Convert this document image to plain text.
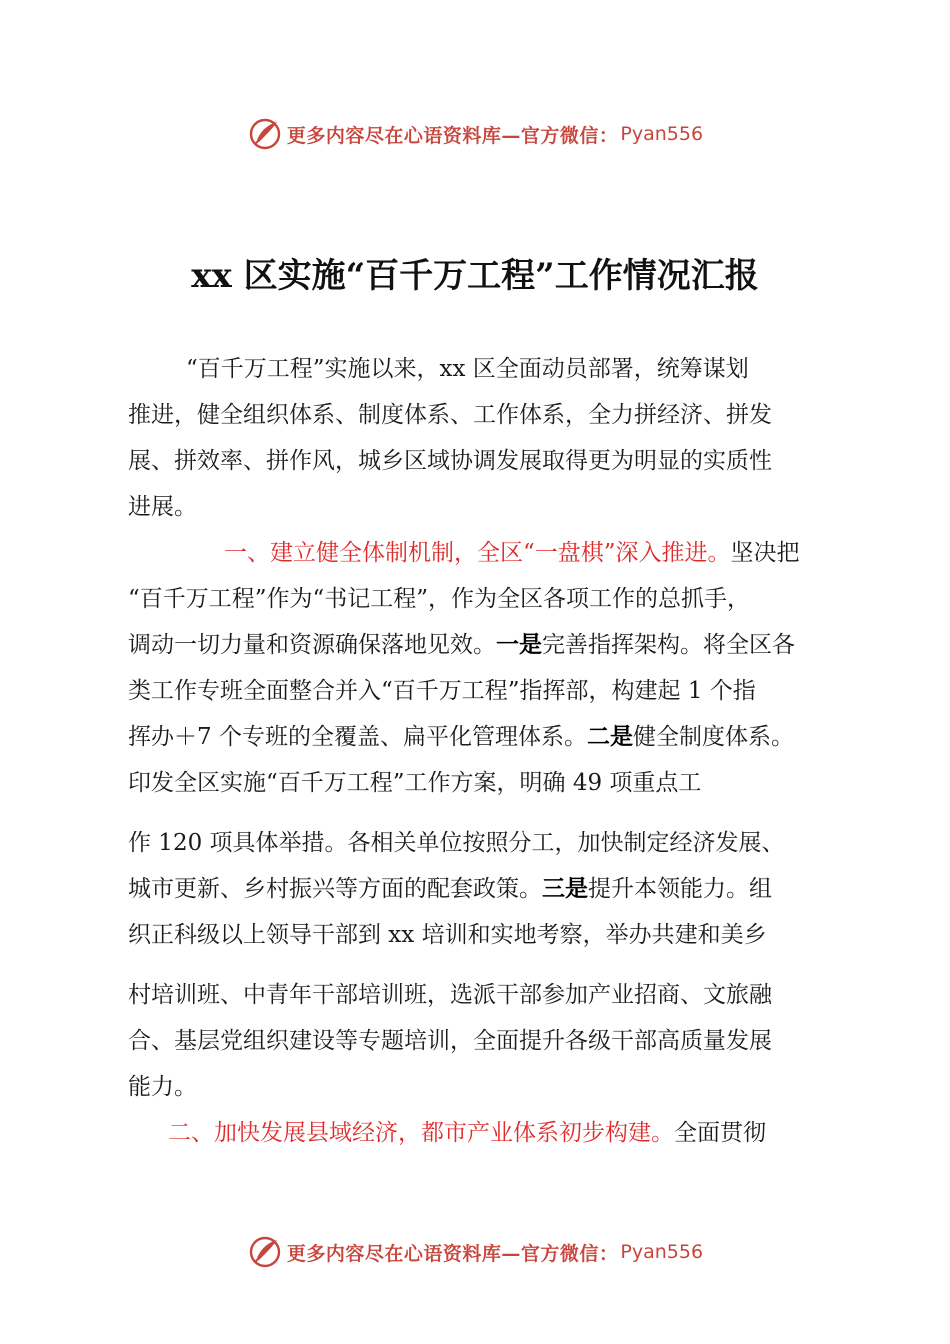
更多内容尽在心语资料库—官方微信： Pyan556
xx 区实施“百千万工程”工作情况汇报
“百千万工程”实施以来，xx 区全面动员部署，统筹谋划
推进，健全组织体系、制度体系、工作体系，全力拼经济、拼发
展、拼效率、拼作风，城乡区域协调发展取得更为明显的实质性
进展。
一、建立健全体制机制，全区“一盘棋”深入推进。坚决把
“百千万工程”作为“书记工程”，作为全区各项工作的总抓手，
调动一切力量和资源确保落地见效。一是完善指挥架构。将全区各
类工作专班全面整合并入“百千万工程”指挥部，构建起 1 个指
挥办＋7 个专班的全覆盖、扁平化管理体系。二是健全制度体系。
印发全区实施“百千万工程”工作方案，明确 49 项重点工
作 120 项具体举措。各相关单位按照分工，加快制定经济发展、
城市更新、乡村振兴等方面的配套政策。三是提升本领能力。组
织正科级以上领导干部到 xx 培训和实地考察，举办共建和美乡
村培训班、中青年干部培训班，选派干部参加产业招商、文旅融
合、基层党组织建设等专题培训，全面提升各级干部高质量发展
能力。
二、加快发展县域经济，都市产业体系初步构建。全面贯彻
更多内容尽在心语资料库—官方微信： Pyan556
